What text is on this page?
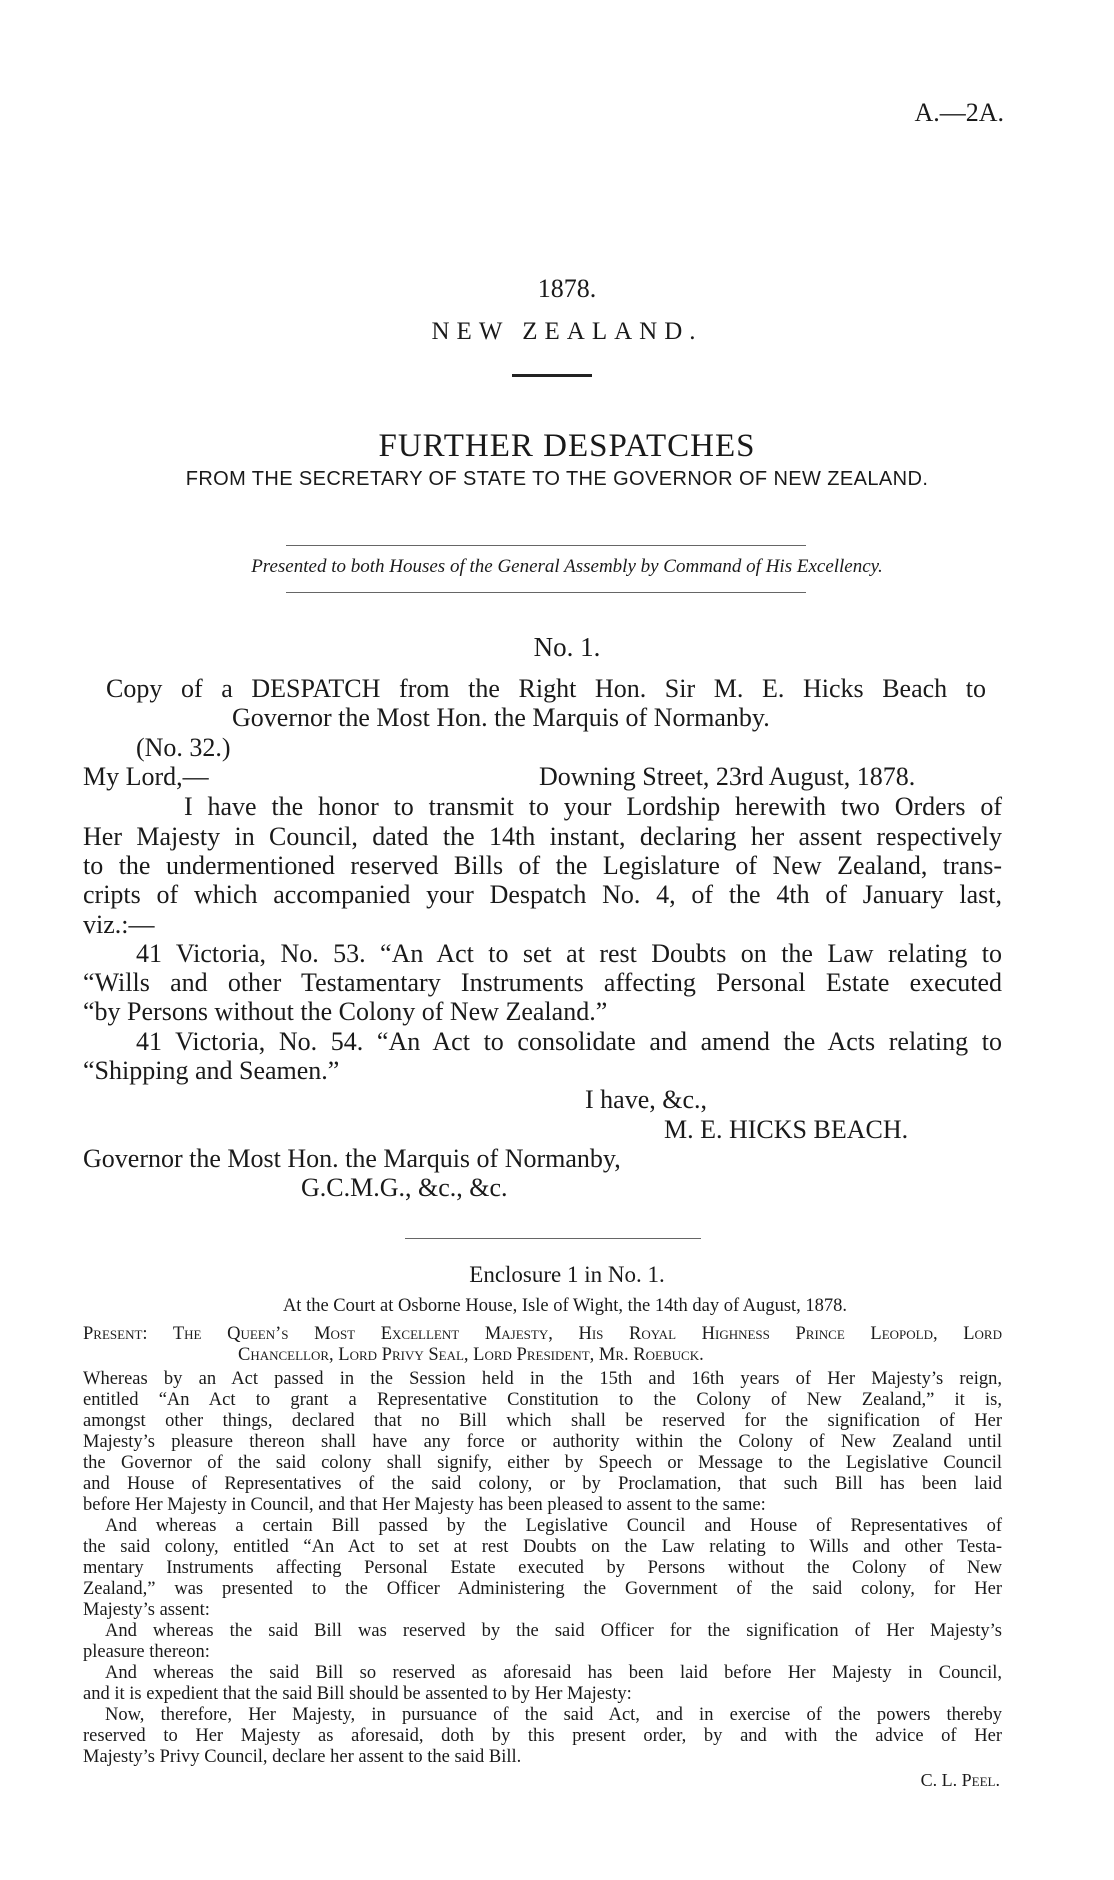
A.—2A.
1878.
NEW ZEALAND.
FURTHER DESPATCHES
FROM THE SECRETARY OF STATE TO THE GOVERNOR OF NEW ZEALAND.
Presented to both Houses of the General Assembly by Command of His Excellency.
No. 1.
Copy of a DESPATCH from the Right Hon. Sir M. E. Hicks Beach to
Governor the Most Hon. the Marquis of Normanby.
(No. 32.)
My Lord,—	Downing Street, 23rd August, 1878.
I have the honor to transmit to your Lordship herewith two Orders of
Her Majesty in Council, dated the 14th instant, declaring her assent respectively
to the undermentioned reserved Bills of the Legislature of New Zealand, trans-
cripts of which accompanied your Despatch No. 4, of the 4th of January last,
viz.:—
41 Victoria, No. 53. “An Act to set at rest Doubts on the Law relating to
“Wills and other Testamentary Instruments affecting Personal Estate executed
“by Persons without the Colony of New Zealand.”
41 Victoria, No. 54. “An Act to consolidate and amend the Acts relating to
“Shipping and Seamen.”
I have, &c.,
M. E. HICKS BEACH.
Governor the Most Hon. the Marquis of Normanby,
G.C.M.G., &c., &c.
Enclosure 1 in No. 1.
At the Court at Osborne House, Isle of Wight, the 14th day of August, 1878.
Present: The Queen’s Most Excellent Majesty, His Royal Highness Prince Leopold, Lord
Chancellor, Lord Privy Seal, Lord President, Mr. Roebuck.
Whereas by an Act passed in the Session held in the 15th and 16th years of Her Majesty’s reign,
entitled “An Act to grant a Representative Constitution to the Colony of New Zealand,” it is,
amongst other things, declared that no Bill which shall be reserved for the signification of Her
Majesty’s pleasure thereon shall have any force or authority within the Colony of New Zealand until
the Governor of the said colony shall signify, either by Speech or Message to the Legislative Council
and House of Representatives of the said colony, or by Proclamation, that such Bill has been laid
before Her Majesty in Council, and that Her Majesty has been pleased to assent to the same:
And whereas a certain Bill passed by the Legislative Council and House of Representatives of
the said colony, entitled “An Act to set at rest Doubts on the Law relating to Wills and other Testa-
mentary Instruments affecting Personal Estate executed by Persons without the Colony of New
Zealand,” was presented to the Officer Administering the Government of the said colony, for Her
Majesty’s assent:
And whereas the said Bill was reserved by the said Officer for the signification of Her Majesty’s
pleasure thereon:
And whereas the said Bill so reserved as aforesaid has been laid before Her Majesty in Council,
and it is expedient that the said Bill should be assented to by Her Majesty:
Now, therefore, Her Majesty, in pursuance of the said Act, and in exercise of the powers thereby
reserved to Her Majesty as aforesaid, doth by this present order, by and with the advice of Her
Majesty’s Privy Council, declare her assent to the said Bill.
C. L. Peel.
